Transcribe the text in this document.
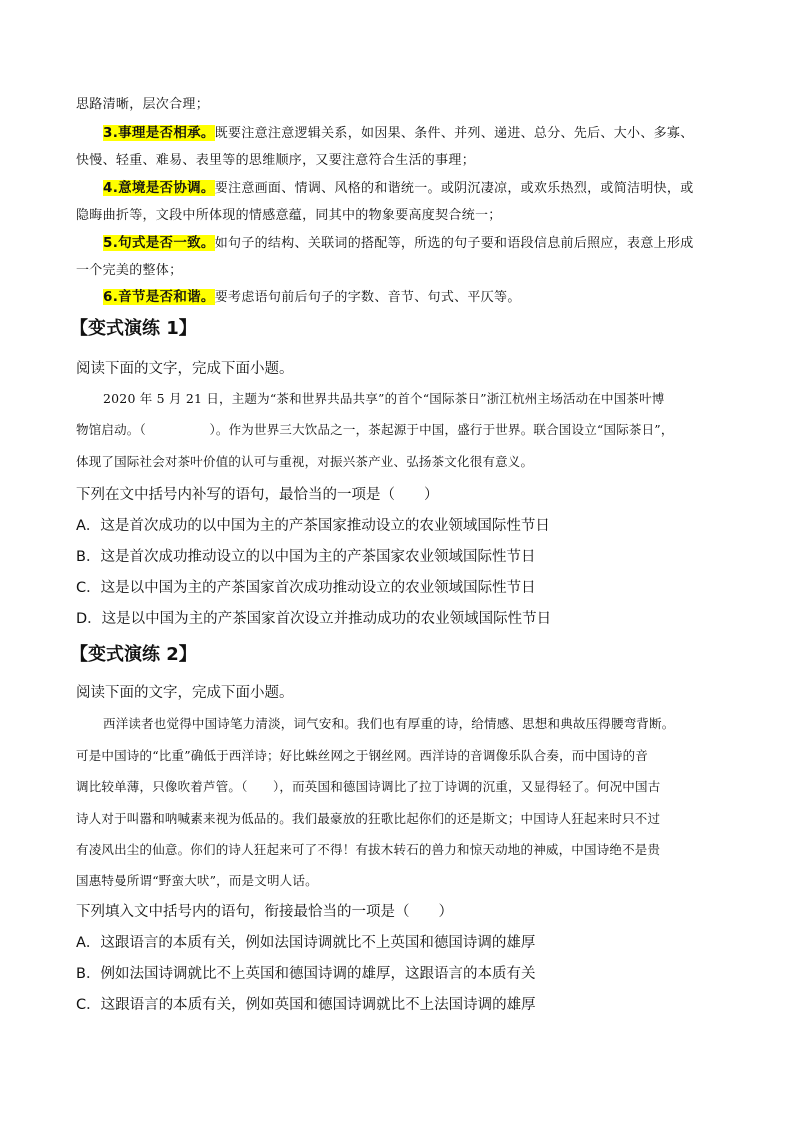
思路清晰，层次合理；
3.事理是否相承。既要注意注意逻辑关系，如因果、条件、并列、递进、总分、先后、大小、多寡、
快慢、轻重、难易、表里等的思维顺序，又要注意符合生活的事理；
4.意境是否协调。要注意画面、情调、风格的和谐统一。或阴沉凄凉，或欢乐热烈，或简洁明快，或
隐晦曲折等，文段中所体现的情感意蕴，同其中的物象要高度契合统一；
5.句式是否一致。如句子的结构、关联词的搭配等，所选的句子要和语段信息前后照应，表意上形成
一个完美的整体；
6.音节是否和谐。要考虑语句前后句子的字数、音节、句式、平仄等。
【变式演练 1】
阅读下面的文字，完成下面小题。
2020 年 5 月 21 日，主题为“茶和世界共品共享”的首个“国际茶日”浙江杭州主场活动在中国茶叶博
物馆启动。（　　　　　）。作为世界三大饮品之一，茶起源于中国，盛行于世界。联合国设立“国际茶日”，
体现了国际社会对茶叶价值的认可与重视，对振兴茶产业、弘扬茶文化很有意义。
下列在文中括号内补写的语句，最恰当的一项是（　　）
A．这是首次成功的以中国为主的产茶国家推动设立的农业领域国际性节日
B．这是首次成功推动设立的以中国为主的产茶国家农业领域国际性节日
C．这是以中国为主的产茶国家首次成功推动设立的农业领域国际性节日
D．这是以中国为主的产茶国家首次设立并推动成功的农业领域国际性节日
【变式演练 2】
阅读下面的文字，完成下面小题。
西洋读者也觉得中国诗笔力清淡，词气安和。我们也有厚重的诗，给情感、思想和典故压得腰弯背断。
可是中国诗的“比重”确低于西洋诗；好比蛛丝网之于钢丝网。西洋诗的音调像乐队合奏，而中国诗的音
调比较单薄，只像吹着芦管。（　　），而英国和德国诗调比了拉丁诗调的沉重，又显得轻了。何况中国古
诗人对于叫嚣和呐喊素来视为低品的。我们最豪放的狂歌比起你们的还是斯文；中国诗人狂起来时只不过
有凌风出尘的仙意。你们的诗人狂起来可了不得！有拔木转石的兽力和惊天动地的神威，中国诗绝不是贵
国惠特曼所谓“野蛮大吠”，而是文明人话。
下列填入文中括号内的语句，衔接最恰当的一项是（　　）
A．这跟语言的本质有关，例如法国诗调就比不上英国和德国诗调的雄厚
B．例如法国诗调就比不上英国和德国诗调的雄厚，这跟语言的本质有关
C．这跟语言的本质有关，例如英国和德国诗调就比不上法国诗调的雄厚
